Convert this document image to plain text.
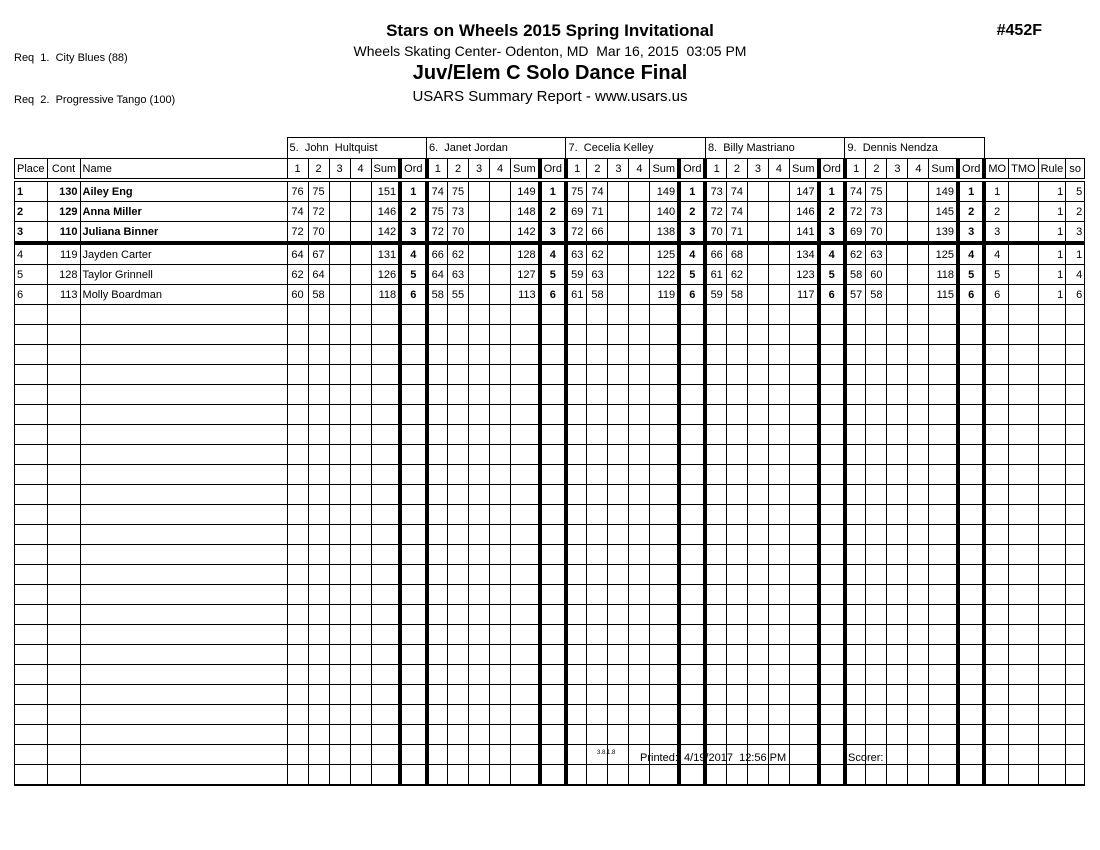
Req  1.  City Blues (88)

Req  2.  Progressive Tango (100)

#452F
Stars on Wheels 2015 Spring Invitational
Wheels Skating Center- Odenton, MD  Mar 16, 2015  03:05 PM
Juv/Elem C Solo Dance Final
USARS Summary Report - www.usars.us
			5.  John  Hultquist						6.  Janet Jordan						7.  Cecelia Kelley						8.  Billy Mastriano						9.  Dennis Nendza									
Place	Cont	Name	1	2	3	4	Sum	Ord	1	2	3	4	Sum	Ord	1	2	3	4	Sum	Ord	1	2	3	4	Sum	Ord	1	2	3	4	Sum	Ord	MO	TMO	Rule	so
1	130	Ailey Eng	76	75			151	1	74	75			149	1	75	74			149	1	73	74			147	1	74	75			149	1	1		1	5
2	129	Anna Miller	74	72			146	2	75	73			148	2	69	71			140	2	72	74			146	2	72	73			145	2	2		1	2
3	110	Juliana Binner	72	70			142	3	72	70			142	3	72	66			138	3	70	71			141	3	69	70			139	3	3		1	3
4	119	Jayden Carter	64	67			131	4	66	62			128	4	63	62			125	4	66	68			134	4	62	63			125	4	4		1	1
5	128	Taylor Grinnell	62	64			126	5	64	63			127	5	59	63			122	5	61	62			123	5	58	60			118	5	5		1	4
6	113	Molly Boardman	60	58			118	6	58	55			113	6	61	58			119	6	59	58			117	6	57	58			115	6	6		1	6

3.8.1.8 Printed:  4/19/2017  12:56 PM	Scorer:
